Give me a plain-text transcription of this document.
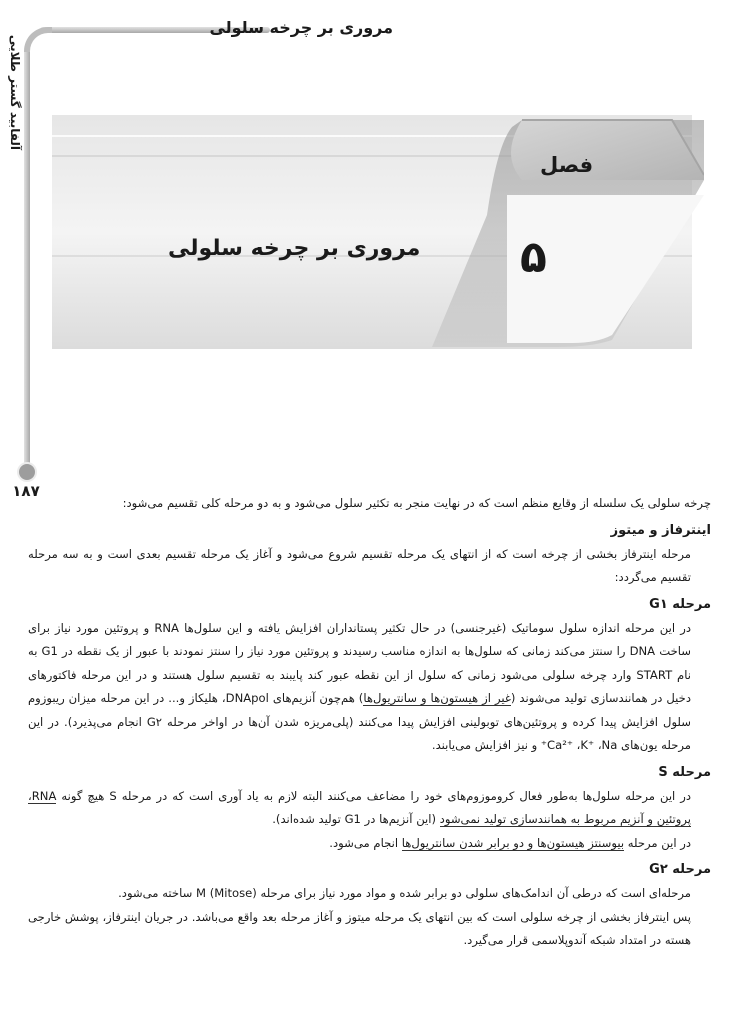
مروری بر چرخه سلولی
آلفابید گستر طلایی
۱۸۷
فصل
۵
مروری بر چرخه سلولی

چرخه سلولی یک سلسله از وقایع منظم است که در نهایت منجر به تکثیر سلول می‌شود و به دو مرحله کلی تقسیم می‌شود:

اینترفاز و میتوز

مرحله اینترفاز بخشی از چرخه است که از انتهای یک مرحله تقسیم شروع می‌شود و آغاز یک مرحله تقسیم بعدی است و به سه مرحله تقسیم می‌گردد:

مرحله G۱

در این مرحله اندازه سلول سوماتیک (غیرجنسی) در حال تکثیر پستانداران افزایش یافته و این سلول‌ها RNA و پروتئین مورد نیاز برای ساخت DNA را سنتز می‌کند زمانی که سلول‌ها به اندازه مناسب رسیدند و پروتئین مورد نیاز را سنتز نمودند با عبور از یک نقطه در G1 به نام START وارد چرخه سلولی می‌شود زمانی که سلول از این نقطه عبور کند پایبند به تقسیم سلول هستند و در این مرحله فاکتورهای دخیل در همانندسازی تولید می‌شوند (غیر از هیستون‌ها و سانتریول‌ها) هم‌چون آنزیم‌های DNApol، هلیکاز و... در این مرحله میزان ریبوزوم سلول افزایش پیدا کرده و پروتئین‌های توبولینی افزایش پیدا می‌کنند (پلی‌مریزه شدن آن‌ها در اواخر مرحله G۲ انجام می‌پذیرد). در این مرحله یون‌های Ca²⁺ ،K⁺ ،Na⁺ و نیز افزایش می‌یابند.

مرحله S

در این مرحله سلول‌ها به‌طور فعال کروموزوم‌های خود را مضاعف می‌کنند البته لازم به یاد آوری است که در مرحله S هیچ گونه RNA، پروتئین و آنزیم مربوط به همانندسازی تولید نمی‌شود (این آنزیم‌ها در G1 تولید شده‌اند).

در این مرحله بیوسنتز هیستون‌ها و دو برابر شدن سانتریول‌ها انجام می‌شود.

مرحله G۲

مرحله‌ای است که درطی آن اندامک‌های سلولی دو برابر شده و مواد مورد نیاز برای مرحله M (Mitose) ساخته می‌شود.

پس اینترفاز بخشی از چرخه سلولی است که بین انتهای یک مرحله میتوز و آغاز مرحله بعد واقع می‌باشد. در جریان اینترفاز، پوشش خارجی هسته در امتداد شبکه آندوپلاسمی قرار می‌گیرد.
